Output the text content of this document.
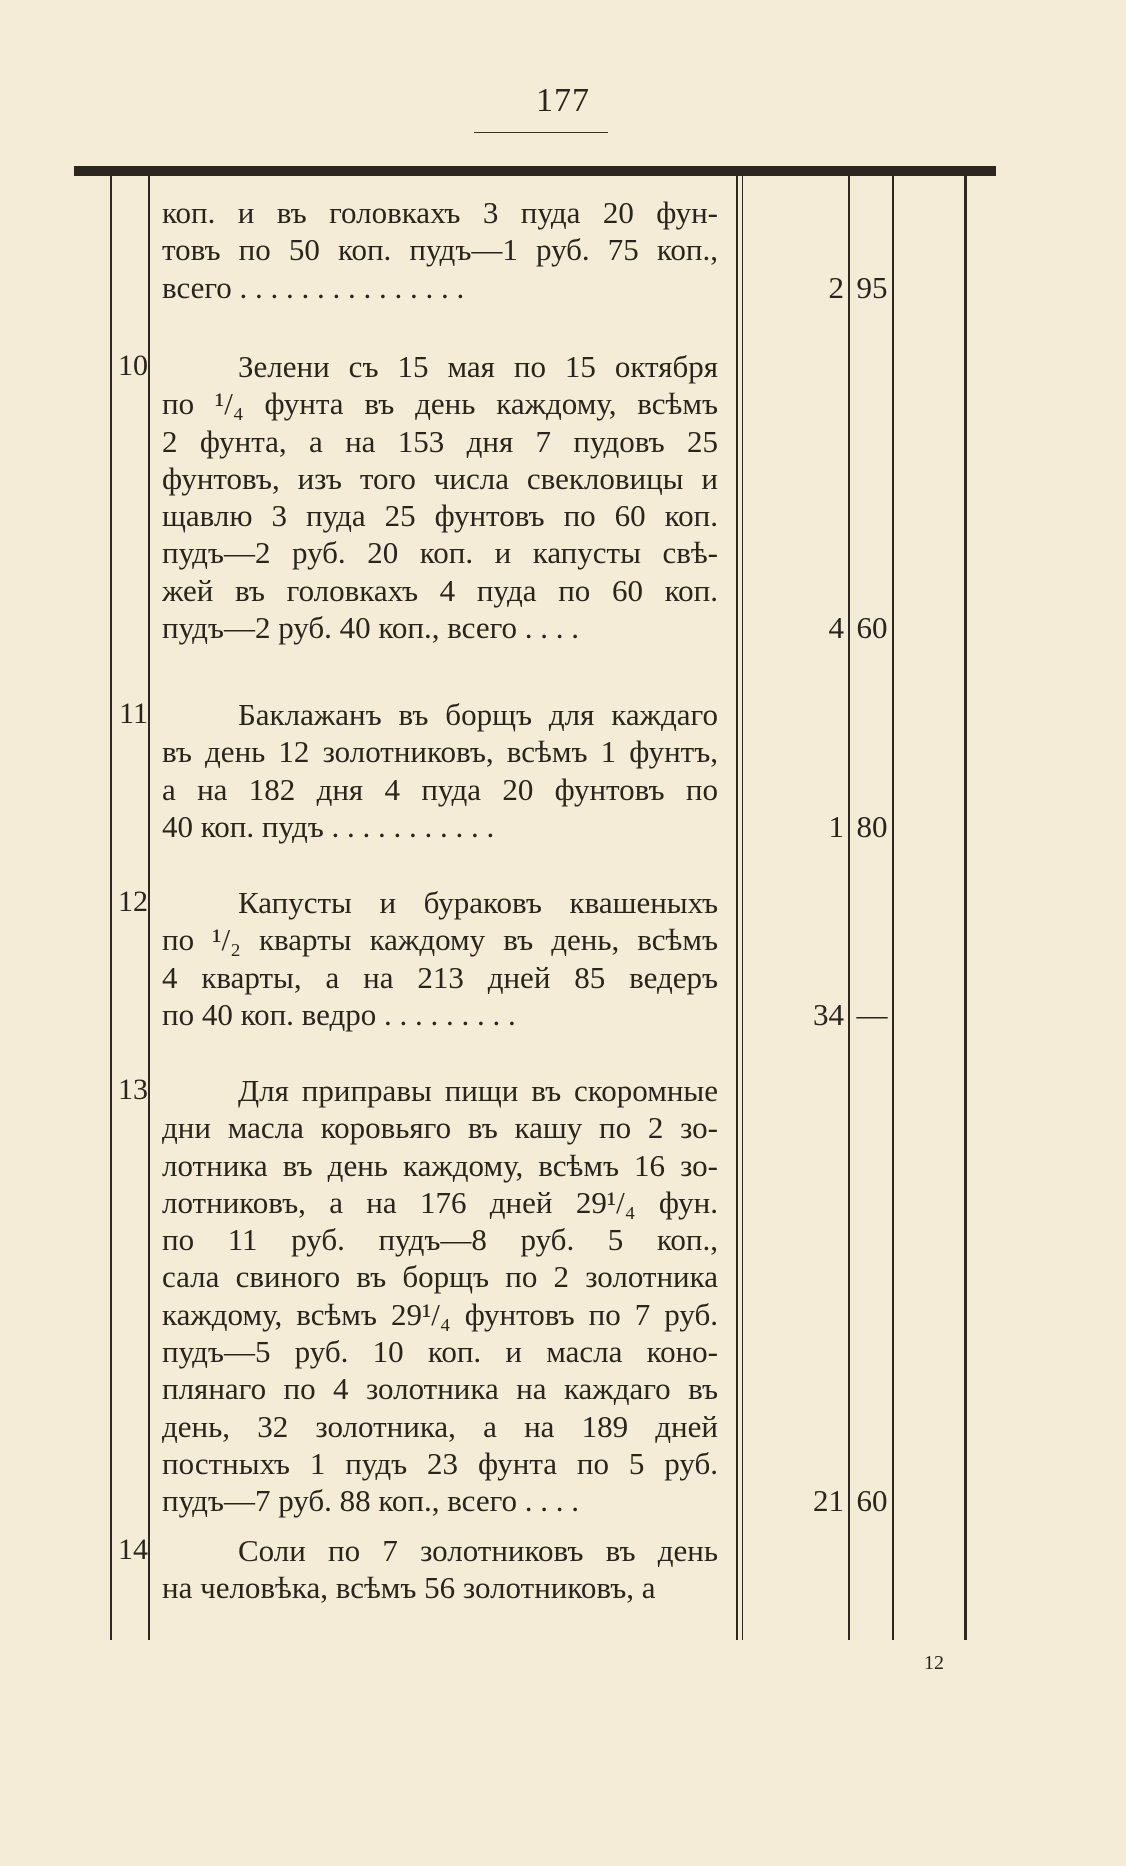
177
коп. и въ головкахъ 3 пуда 20 фун-
товъ по 50 коп. пудъ—1 руб. 75 коп.,
всего . . . . . . . . . . . . . . .	2 95
10	Зелени съ 15 мая по 15 октября
по ¹/₄ фунта въ день каждому, всѣмъ
2 фунта, а на 153 дня 7 пудовъ 25
фунтовъ, изъ того числа свекловицы и
щавлю 3 пуда 25 фунтовъ по 60 коп.
пудъ—2 руб. 20 коп. и капусты свѣ-
жей въ головкахъ 4 пуда по 60 коп.
пудъ—2 руб. 40 коп., всего . . . .	4 60
11	Баклажанъ въ борщъ для каждаго
въ день 12 золотниковъ, всѣмъ 1 фунтъ,
а на 182 дня 4 пуда 20 фунтовъ по
40 коп. пудъ . . . . . . . . . . .	1 80
12	Капусты и бураковъ квашеныхъ
по ¹/₂ кварты каждому въ день, всѣмъ
4 кварты, а на 213 дней 85 ведеръ
по 40 коп. ведро . . . . . . . . .	34 —
13	Для приправы пищи въ скоромные
дни масла коровьяго въ кашу по 2 зо-
лотника въ день каждому, всѣмъ 16 зо-
лотниковъ, а на 176 дней 29¹/₄ фун.
по 11 руб. пудъ—8 руб. 5 коп.,
сала свиного въ борщъ по 2 золотника
каждому, всѣмъ 29¹/₄ фунтовъ по 7 руб.
пудъ—5 руб. 10 коп. и масла коно-
плянаго по 4 золотника на каждаго въ
день, 32 золотника, а на 189 дней
постныхъ 1 пудъ 23 фунта по 5 руб.
пудъ—7 руб. 88 коп., всего . . . .	21 60
14	Соли по 7 золотниковъ въ день
на человѣка, всѣмъ 56 золотниковъ, а
12
